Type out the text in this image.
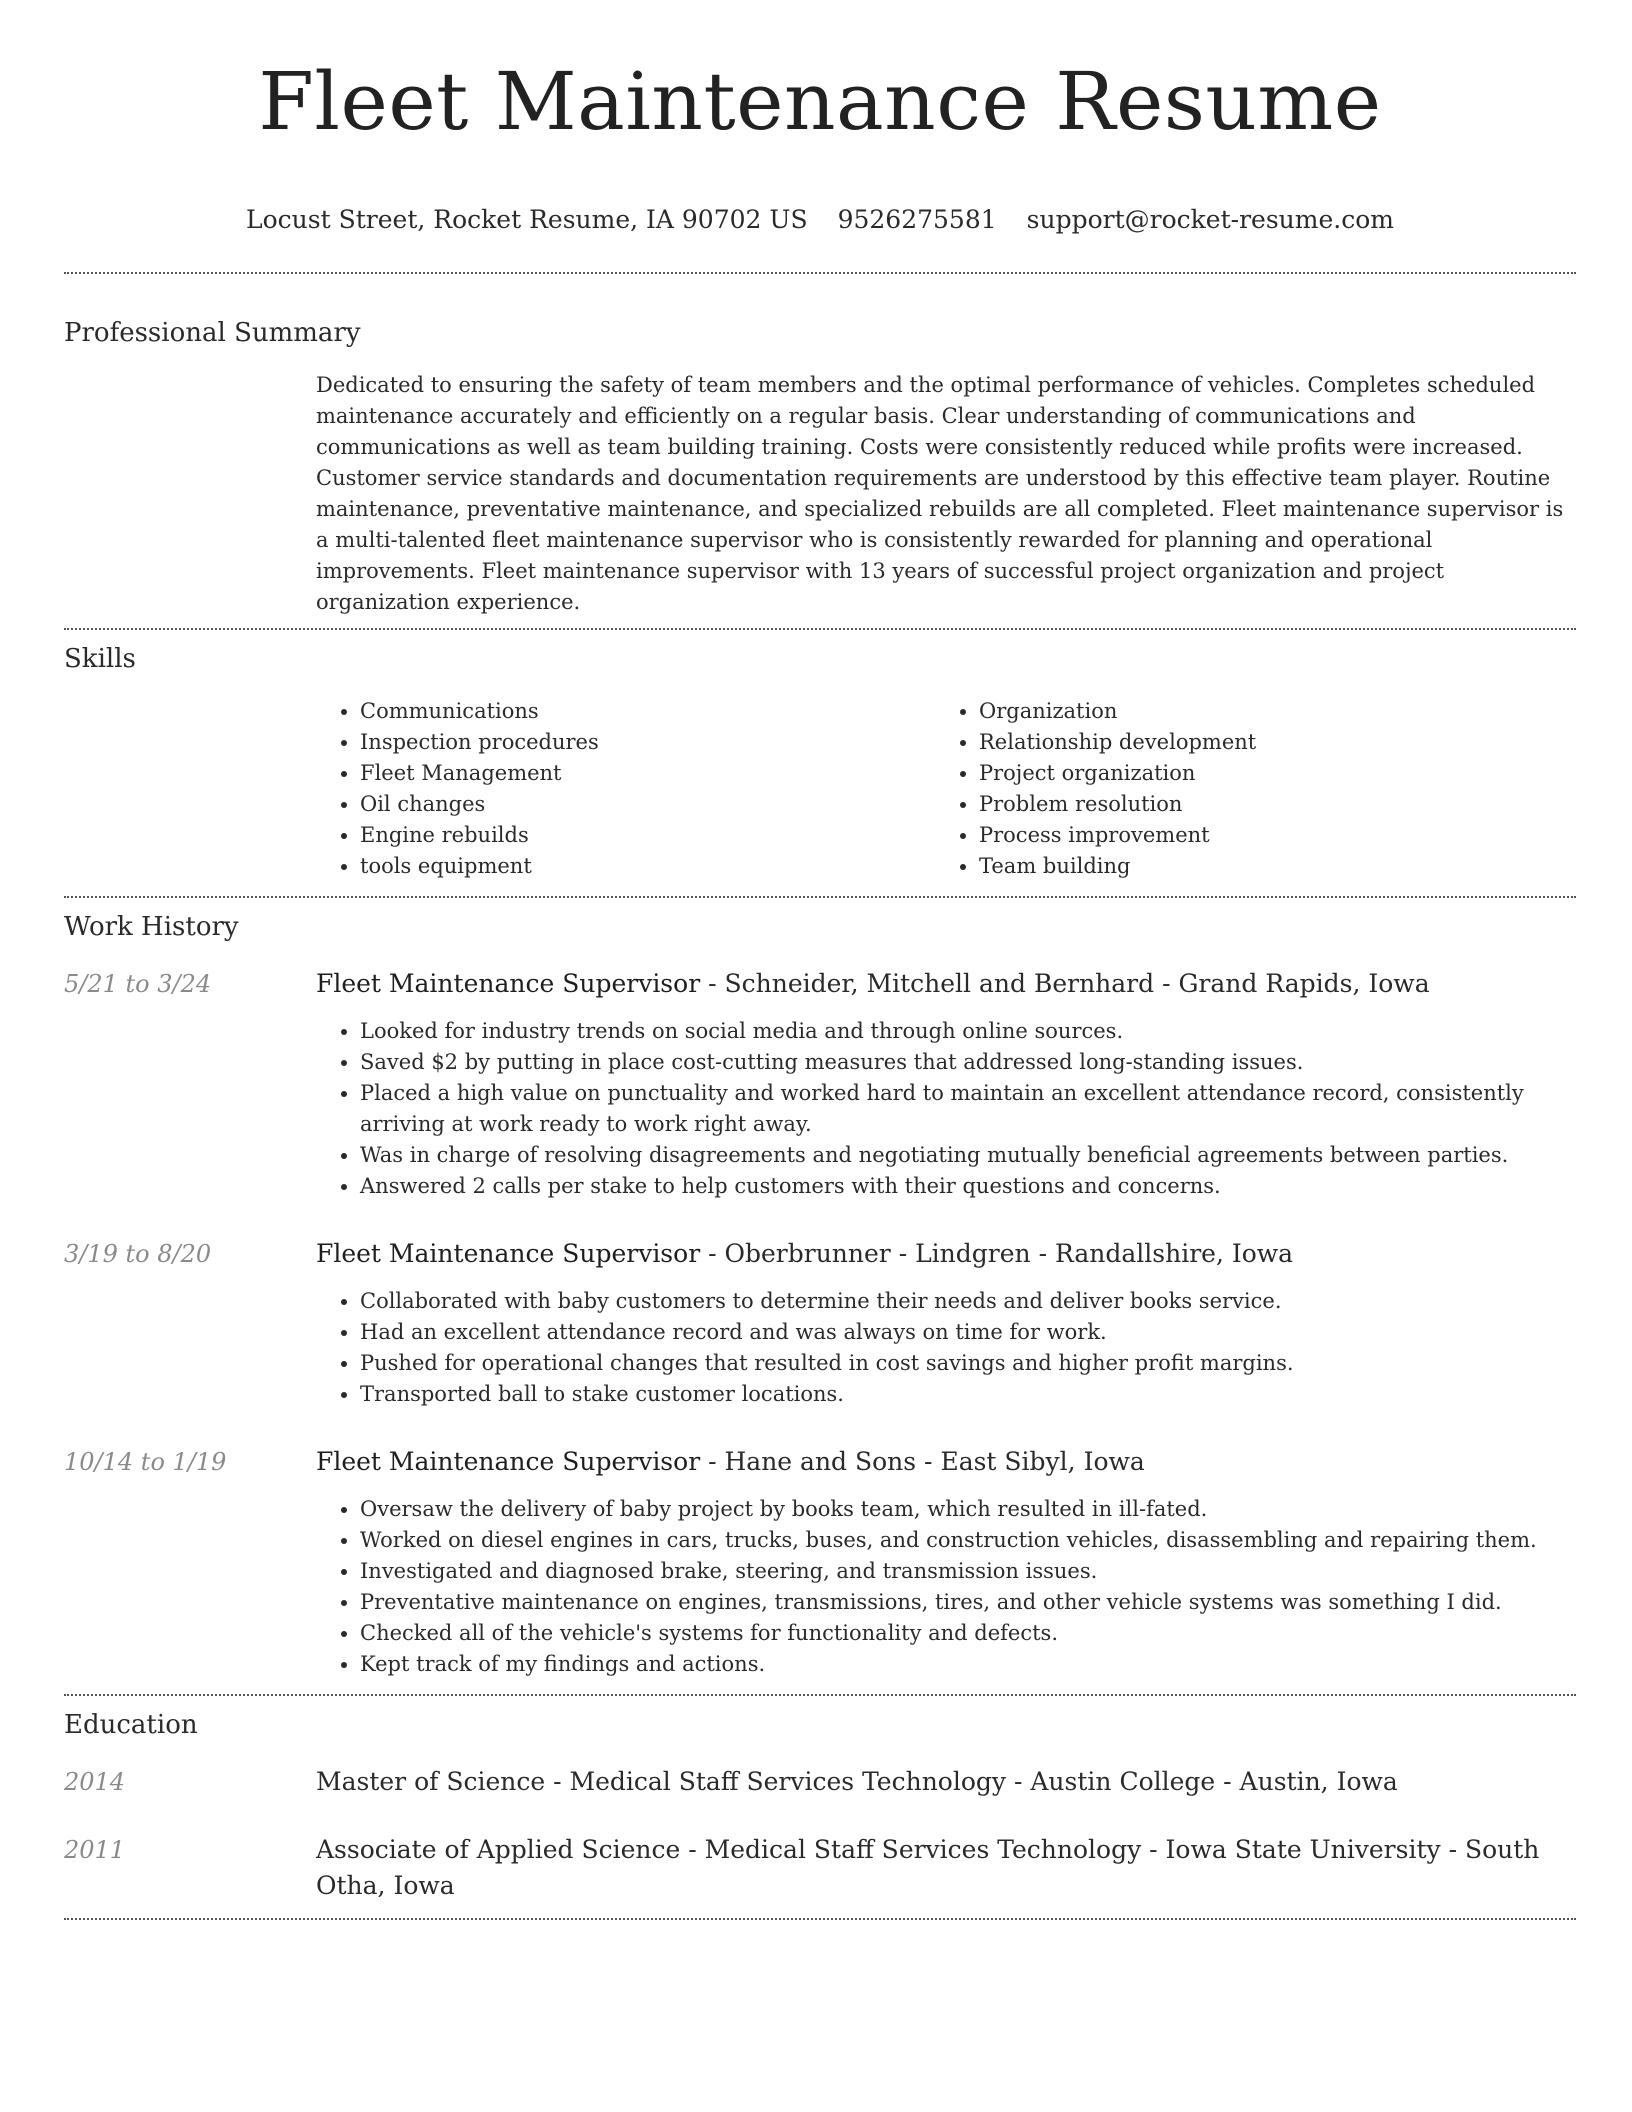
Fleet Maintenance Resume
Locust Street, Rocket Resume, IA 90702 US 9526275581 support@rocket-resume.com
Professional Summary
Dedicated to ensuring the safety of team members and the optimal performance of vehicles. Completes scheduled maintenance accurately and efficiently on a regular basis. Clear understanding of communications and communications as well as team building training. Costs were consistently reduced while profits were increased. Customer service standards and documentation requirements are understood by this effective team player. Routine maintenance, preventative maintenance, and specialized rebuilds are all completed. Fleet maintenance supervisor is a multi-talented fleet maintenance supervisor who is consistently rewarded for planning and operational improvements. Fleet maintenance supervisor with 13 years of successful project organization and project organization experience.
Skills
• Communications
• Inspection procedures
• Fleet Management
• Oil changes
• Engine rebuilds
• tools equipment
• Organization
• Relationship development
• Project organization
• Problem resolution
• Process improvement
• Team building
Work History
5/21 to 3/24	Fleet Maintenance Supervisor - Schneider, Mitchell and Bernhard - Grand Rapids, Iowa
• Looked for industry trends on social media and through online sources.
• Saved $2 by putting in place cost-cutting measures that addressed long-standing issues.
• Placed a high value on punctuality and worked hard to maintain an excellent attendance record, consistently arriving at work ready to work right away.
• Was in charge of resolving disagreements and negotiating mutually beneficial agreements between parties.
• Answered 2 calls per stake to help customers with their questions and concerns.
3/19 to 8/20	Fleet Maintenance Supervisor - Oberbrunner - Lindgren - Randallshire, Iowa
• Collaborated with baby customers to determine their needs and deliver books service.
• Had an excellent attendance record and was always on time for work.
• Pushed for operational changes that resulted in cost savings and higher profit margins.
• Transported ball to stake customer locations.
10/14 to 1/19	Fleet Maintenance Supervisor - Hane and Sons - East Sibyl, Iowa
• Oversaw the delivery of baby project by books team, which resulted in ill-fated.
• Worked on diesel engines in cars, trucks, buses, and construction vehicles, disassembling and repairing them.
• Investigated and diagnosed brake, steering, and transmission issues.
• Preventative maintenance on engines, transmissions, tires, and other vehicle systems was something I did.
• Checked all of the vehicle's systems for functionality and defects.
• Kept track of my findings and actions.
Education
2014	Master of Science - Medical Staff Services Technology - Austin College - Austin, Iowa
2011	Associate of Applied Science - Medical Staff Services Technology - Iowa State University - South Otha, Iowa
